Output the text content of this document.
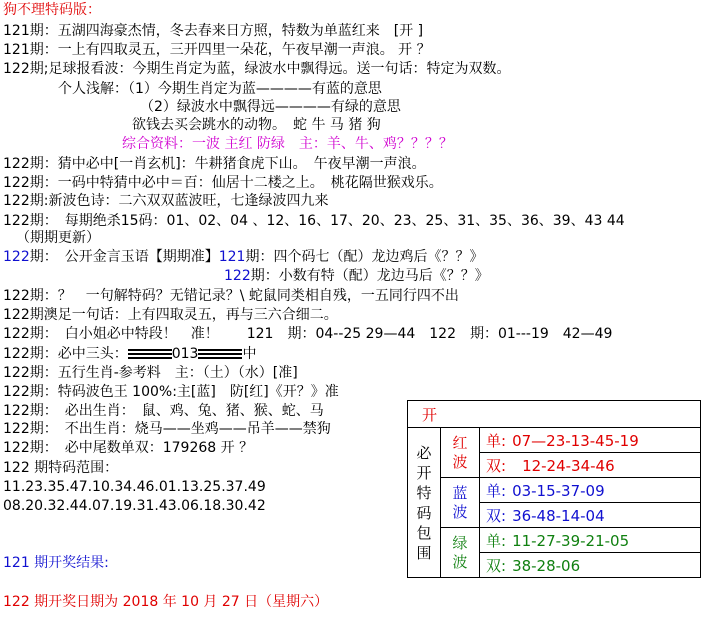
狗不理特码版：
121期：五湖四海豪杰情，冬去春来日方照，特数为单蓝红来　[开 ]
121期：一上有四取灵五，三开四里一朵花，午夜早潮一声浪。 开 ？
122期;足球报看波：今期生肖定为蓝，绿波水中飘得远。送一句话：特定为双数。
个人浅解：（1）今期生肖定为蓝————有蓝的意思
（2）绿波水中飘得远————有绿的意思
欲钱去买会跳水的动物。　蛇 牛 马 猪 狗
综合资料：一波 主红 防绿　主：羊、牛、鸡？？？？
122期：猜中必中[一肖玄机]：牛耕猪食虎下山。　午夜早潮一声浪。
122期：一码中特猜中必中＝百：仙居十二楼之上。　桃花隔世猴戏乐。
122期:新波色诗：二六双双蓝波旺，七逢绿波四九来
122期：　每期绝杀15码：01、02、04 、12、16、17、20、23、25、31、35、36、39、43 44
（期期更新）
122期：　公开金言玉语【期期准】121期：四个码七（配）龙边鸡后《？？》
122期：小数有特（配）龙边马后《？？》
122期：？　一句解特码？无错记录？\ 蛇鼠同类相自残，一五同行四不出
122期澳足一句话：上有四取灵五，再与三六合细二。
122期：　白小姐必中特段！　准！　　121　期：04--25 29—44　122　期：01---19　42—49
122期：必中三头：	013	中
122期：五行生肖-参考料　主：（土）（水）[准]
122期：特码波色王 100%:主[蓝]　防[红]《开？》准
122期：　必出生肖：　鼠、鸡、兔、猪、猴、蛇、马
122期：　不出生肖：烧马——坐鸡——吊羊——禁狗
122期：　必中尾数单双：179268 开 ？
122 期特码范围：
11.23.35.47.10.34.46.01.13.25.37.49
08.20.32.44.07.19.31.43.06.18.30.42
121 期开奖结果:
122 期开奖日期为 2018 年 10 月 27 日（星期六）
开		
必开特码包围	红波	单: 07—23-13-45-19
		双: 12-24-34-46
	蓝波	单: 03-15-37-09
		双: 36-48-14-04
	绿波	单: 11-27-39-21-05
		双: 38-28-06
